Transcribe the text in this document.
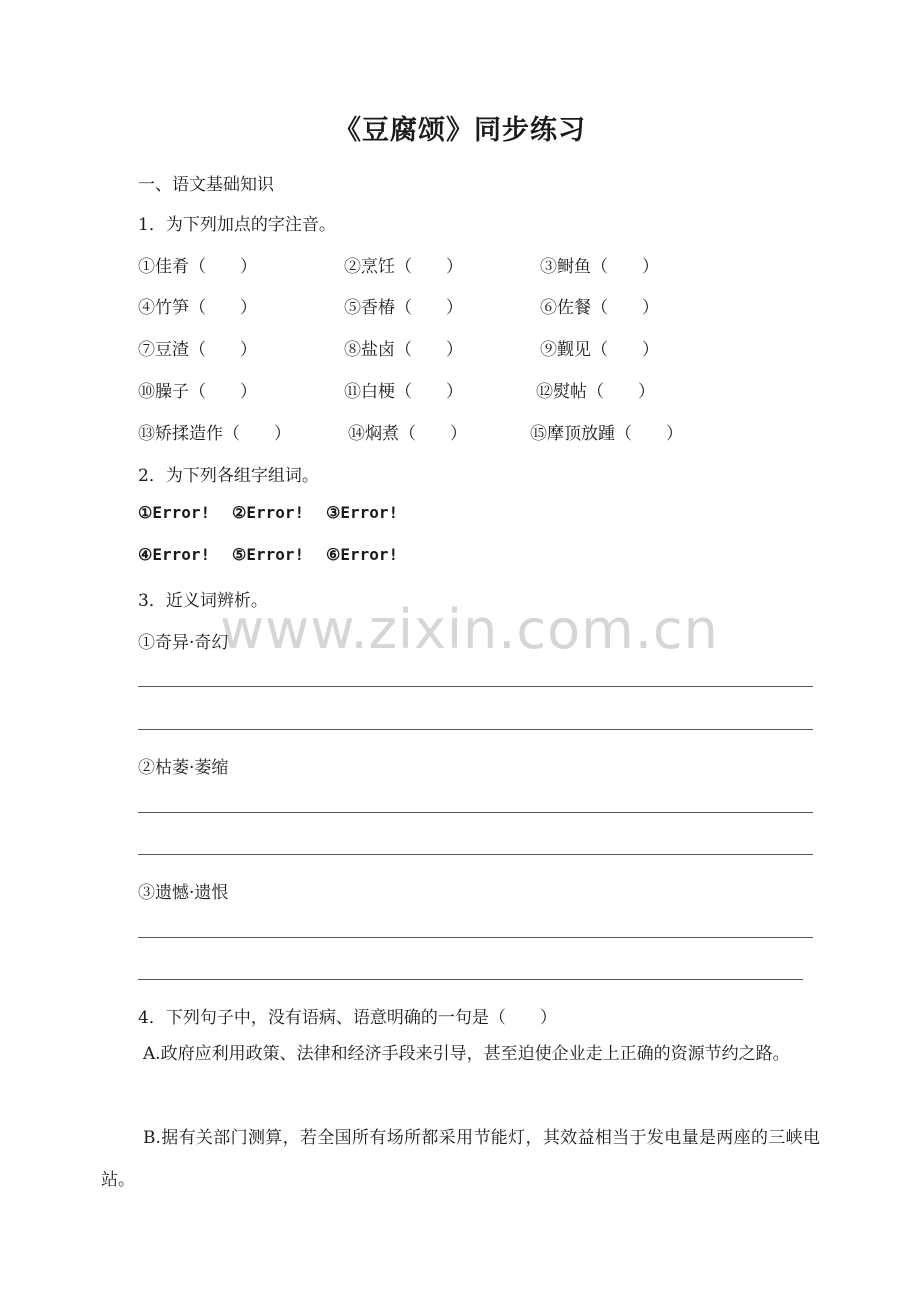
www.zixin.com.cn
《豆腐颂》同步练习
一、语文基础知识
1．为下列加点的字注音。
①佳肴（　　）	②烹饪（　　）	③鲥鱼（　　）
④竹笋（　　）	⑤香椿（　　）	⑥佐餐（　　）
⑦豆渣（　　）	⑧盐卤（　　）	⑨觐见（　　）
⑩臊子（　　）	⑪白梗（　　）	⑫熨帖（　　）
⑬矫揉造作（　　）	⑭焖煮（　　）	⑮摩顶放踵（　　）
2．为下列各组字组词。
①Error! ②Error! ③Error!
④Error! ⑤Error! ⑥Error!
3．近义词辨析。
①奇异·奇幻
②枯萎·萎缩
③遗憾·遗恨
4．下列句子中，没有语病、语意明确的一句是（　　）
A.政府应利用政策、法律和经济手段来引导，甚至迫使企业走上正确的资源节约之路。
B.据有关部门测算，若全国所有场所都采用节能灯，其效益相当于发电量是两座的三峡电站。
